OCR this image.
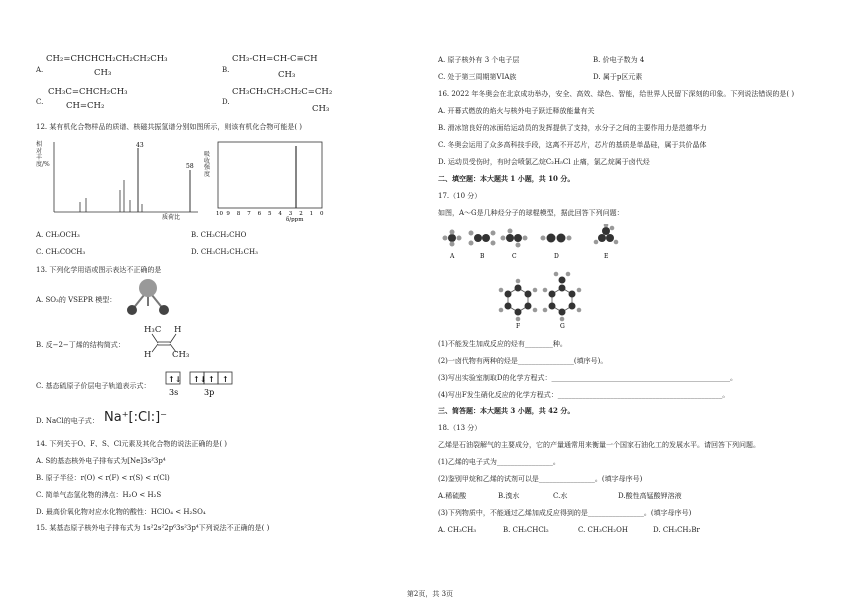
CH₂=CHCHCH₂CH₂CH₂CH₃
A.	CH₃
CH₃-CH=CH-C≡CH
B.	CH₃
CH₃C=CHCH₂CH₃
C.	CH=CH₂
CH₃CH₂CH₂CH₂C=CH₂
D.
CH₃
12. 某有机化合物样品的质谱、核磁共振氢谱分别如图所示，则该有机化合物可能是( )
相对丰度/%
43
58
质荷比
吸收强度
10 9 8 7 6 5 4 3 2 1 0
δ/ppm
A. CH₃OCH₃	B. CH₃CH₂CHO
C. CH₃COCH₃	D. CH₃CH₂CH₂CH₃
13. 下列化学用语或图示表达不正确的是
A. SO₃的 VSEPR 模型：
B. 反−2−丁烯的结构简式：
H₃C H
H CH₃
C. 基态硫原子价层电子轨道表示式：
↑↓ ↑↓ ↑ ↑
3s	3p
D. NaCl的电子式： Na⁺[:Cl:]⁻
14. 下列关于O、F、S、Cl元素及其化合物的说法正确的是( )
A. S的基态核外电子排布式为[Ne]3s²3p⁴
B. 原子半径：r(O) < r(F) < r(S) < r(Cl)
C. 简单气态氢化物的沸点：H₂O < H₂S
D. 最高价氧化物对应水化物的酸性：HClO₄ < H₂SO₄
15. 某基态原子核外电子排布式为 1s²2s²2p⁶3s²3p⁴下列说法不正确的是( )
A. 原子核外有 3 个电子层	B. 价电子数为 4
C. 处于第三周期第VIA族	D. 属于p区元素
16. 2022 年冬奥会在北京成功举办，安全、高效、绿色、智能，给世界人民留下深刻的印象。下列说法错误的是( )
A. 开幕式燃放的焰火与核外电子跃迁释放能量有关
B. 滑冰馆良好的冰面给运动员的发挥提供了支持，水分子之间的主要作用力是范德华力
C. 冬奥会运用了众多高科技手段，这离不开芯片，芯片的基质是单晶硅，属于共价晶体
D. 运动员受伤时，有时会喷氯乙烷C₂H₅Cl 止痛，氯乙烷属于卤代烃
二、填空题：本大题共 1 小题，共 10 分。
17.（10 分）
如图，A～G是几种烃分子的球棍模型，据此回答下列问题：
A	B	C	D	E
F	G
(1)不能发生加成反应的烃有________种。
(2)一卤代物有两种的烃是________________(填序号)。
(3)写出实验室制取D的化学方程式：___________________________________________________。
(4)写出F发生硝化反应的化学方程式：_______________________________________________。
三、简答题：本大题共 3 小题，共 42 分。
18.（13 分）
乙烯是石油裂解气的主要成分，它的产量通常用来衡量一个国家石油化工的发展水平。请回答下列问题。
(1)乙烯的电子式为________________。
(2)鉴别甲烷和乙烯的试剂可以是________________。(填字母序号)
A.稀硫酸	B.溴水	C.水	D.酸性高锰酸钾溶液
(3)下列物质中，不能通过乙烯加成反应得到的是________________。(填字母序号)
A. CH₃CH₃	B. CH₃CHCl₂	C. CH₃CH₂OH	D. CH₃CH₂Br
第2页，共 3页
